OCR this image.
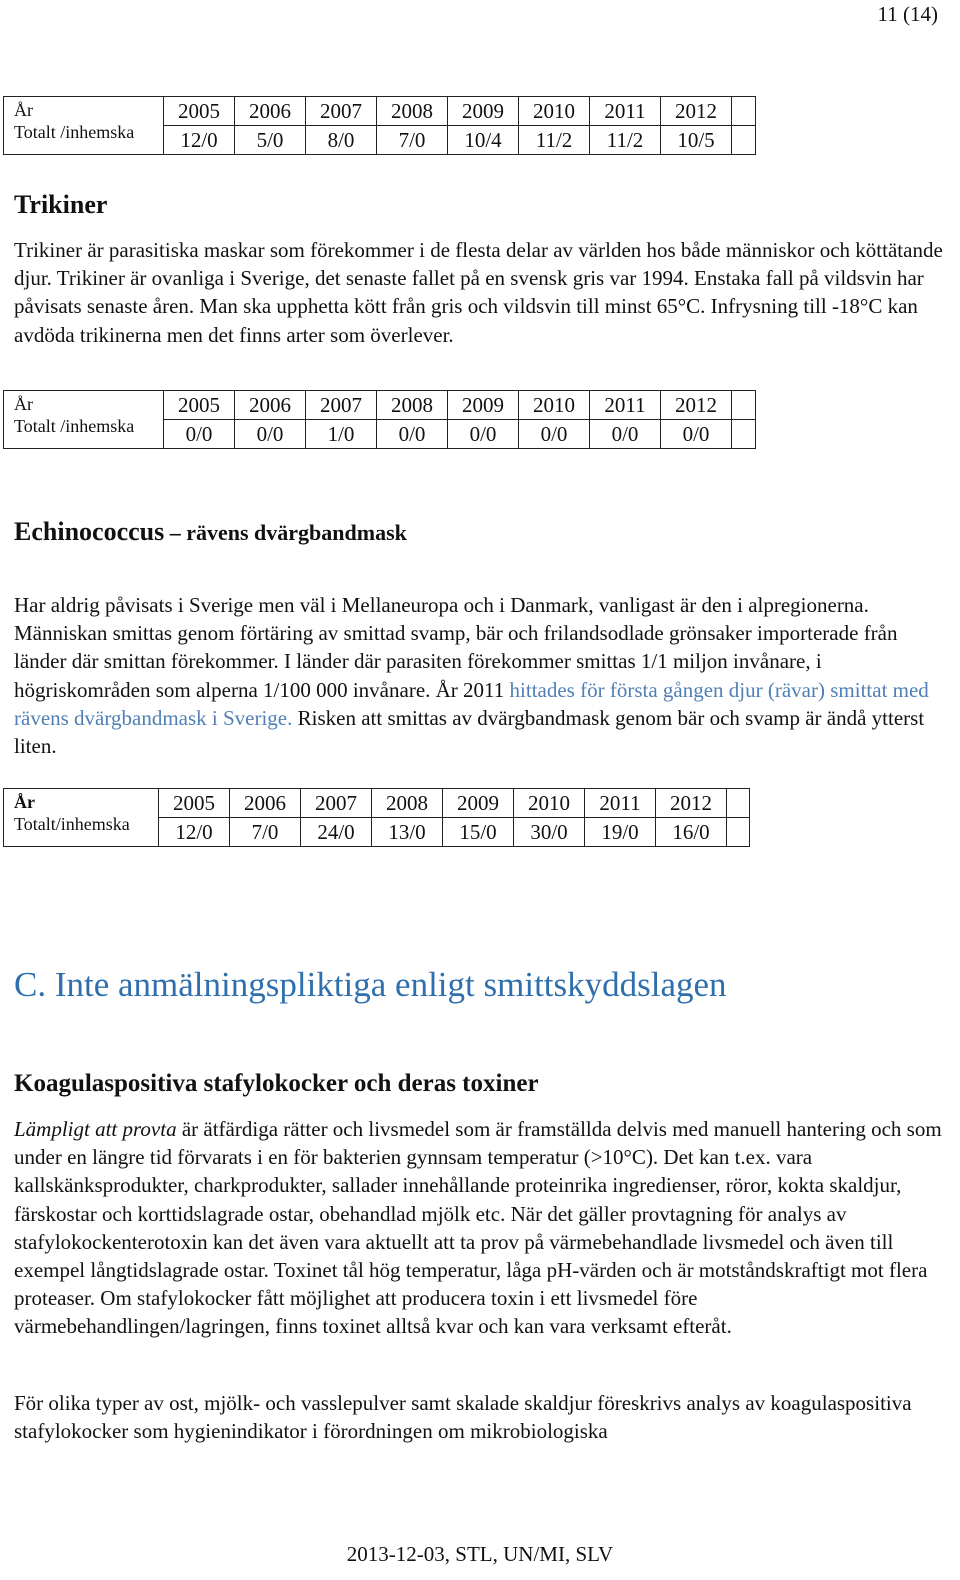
11 (14)
År
Totalt /inhemska	2005	2006	2007	2008	2009	2010	2011	2012	
	12/0	5/0	8/0	7/0	10/4	11/2	11/2	10/5	
Trikiner
Trikiner är parasitiska maskar som förekommer i de flesta delar av världen hos både människor och köttätande djur. Trikiner är ovanliga i Sverige, det senaste fallet på en svensk gris var 1994. Enstaka fall på vildsvin har påvisats senaste åren. Man ska upphetta kött från gris och vildsvin till minst 65°C. Infrysning till -18°C kan avdöda trikinerna men det finns arter som överlever.
År
Totalt /inhemska	2005	2006	2007	2008	2009	2010	2011	2012	
	0/0	0/0	1/0	0/0	0/0	0/0	0/0	0/0	
Echinococcus – rävens dvärgbandmask
Har aldrig påvisats i Sverige men väl i Mellaneuropa och i Danmark, vanligast är den i alpregionerna. Människan smittas genom förtäring av smittad svamp, bär och frilandsodlade grönsaker importerade från länder där smittan förekommer. I länder där parasiten förekommer smittas 1/1 miljon invånare, i högriskområden som alperna 1/100 000 invånare. År 2011 hittades för första gången djur (rävar) smittat med rävens dvärgbandmask i Sverige. Risken att smittas av dvärgbandmask genom bär och svamp är ändå ytterst liten.
År
Totalt/inhemska	2005	2006	2007	2008	2009	2010	2011	2012	
	12/0	7/0	24/0	13/0	15/0	30/0	19/0	16/0	
C. Inte anmälningspliktiga enligt smittskyddslagen
Koagulaspositiva stafylokocker och deras toxiner
Lämpligt att provta är ätfärdiga rätter och livsmedel som är framställda delvis med manuell hantering och som under en längre tid förvarats i en för bakterien gynnsam temperatur (>10°C). Det kan t.ex. vara kallskänksprodukter, charkprodukter, sallader innehållande proteinrika ingredienser, röror, kokta skaldjur, färskostar och korttidslagrade ostar, obehandlad mjölk etc. När det gäller provtagning för analys av stafylokockenterotoxin kan det även vara aktuellt att ta prov på värmebehandlade livsmedel och även till exempel långtidslagrade ostar. Toxinet tål hög temperatur, låga pH-värden och är motståndskraftigt mot flera proteaser. Om stafylokocker fått möjlighet att producera toxin i ett livsmedel före värmebehandlingen/lagringen, finns toxinet alltså kvar och kan vara verksamt efteråt.
För olika typer av ost, mjölk- och vasslepulver samt skalade skaldjur föreskrivs analys av koagulaspositiva stafylokocker som hygienindikator i förordningen om mikrobiologiska
2013-12-03, STL, UN/MI, SLV
